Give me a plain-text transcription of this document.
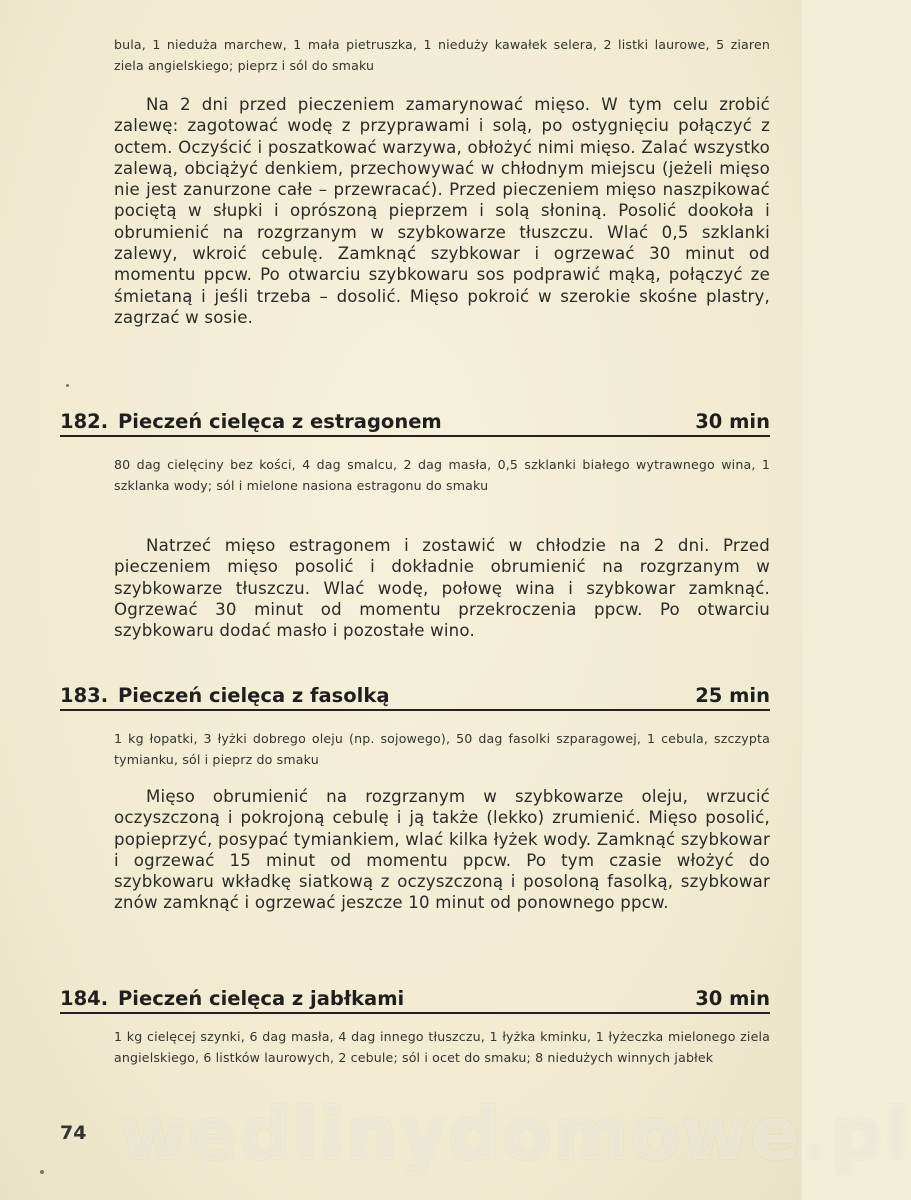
bula, 1 nieduża marchew, 1 mała pietruszka, 1 nieduży kawałek selera, 2 listki laurowe, 5 ziaren ziela angielskiego; pieprz i sól do smaku
Na 2 dni przed pieczeniem zamarynować mięso. W tym celu zrobić zalewę: zagotować wodę z przyprawami i solą, po ostygnięciu połączyć z octem. Oczyścić i poszatkować warzywa, obłożyć nimi mięso. Zalać wszystko zalewą, obciążyć denkiem, przechowywać w chłodnym miejscu (jeżeli mięso nie jest zanurzone całe – przewracać). Przed pieczeniem mięso naszpikować pociętą w słupki i oprószoną pieprzem i solą słoniną. Posolić dookoła i obrumienić na rozgrzanym w szybkowarze tłuszczu. Wlać 0,5 szklanki zalewy, wkroić cebulę. Zamknąć szybkowar i ogrzewać 30 minut od momentu ppcw. Po otwarciu szybkowaru sos podprawić mąką, połączyć ze śmietaną i jeśli trzeba – dosolić. Mięso pokroić w szerokie skośne plastry, zagrzać w sosie.
182. Pieczeń cielęca z estragonem	30 min
80 dag cielęciny bez kości, 4 dag smalcu, 2 dag masła, 0,5 szklanki białego wytrawnego wina, 1 szklanka wody; sól i mielone nasiona estragonu do smaku
Natrzeć mięso estragonem i zostawić w chłodzie na 2 dni. Przed pieczeniem mięso posolić i dokładnie obrumienić na rozgrzanym w szybkowarze tłuszczu. Wlać wodę, połowę wina i szybkowar zamknąć. Ogrzewać 30 minut od momentu przekroczenia ppcw. Po otwarciu szybkowaru dodać masło i pozostałe wino.
183. Pieczeń cielęca z fasolką	25 min
1 kg łopatki, 3 łyżki dobrego oleju (np. sojowego), 50 dag fasolki szparagowej, 1 cebula, szczypta tymianku, sól i pieprz do smaku
Mięso obrumienić na rozgrzanym w szybkowarze oleju, wrzucić oczyszczoną i pokrojoną cebulę i ją także (lekko) zrumienić. Mięso posolić, popieprzyć, posypać tymiankiem, wlać kilka łyżek wody. Zamknąć szybkowar i ogrzewać 15 minut od momentu ppcw. Po tym czasie włożyć do szybkowaru wkładkę siatkową z oczyszczoną i posoloną fasolką, szybkowar znów zamknąć i ogrzewać jeszcze 10 minut od ponownego ppcw.
184. Pieczeń cielęca z jabłkami	30 min
1 kg cielęcej szynki, 6 dag masła, 4 dag innego tłuszczu, 1 łyżka kminku, 1 łyżeczka mielonego ziela angielskiego, 6 listków laurowych, 2 cebule; sól i ocet do smaku; 8 niedużych winnych jabłek
wedlinydomowe.pl
74
